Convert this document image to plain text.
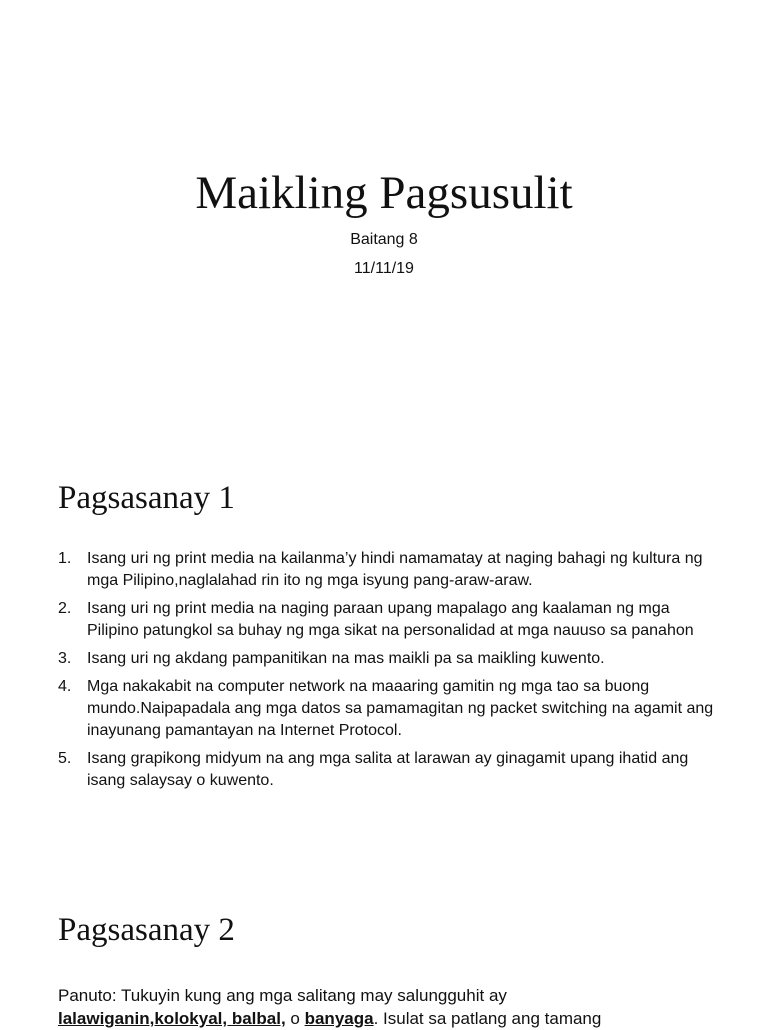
Maikling Pagsusulit
Baitang 8
11/11/19
Pagsasanay 1
1. Isang uri ng print media na kailanma’y hindi namamatay at naging bahagi ng kultura ng mga Pilipino,naglalahad rin ito ng mga isyung pang-araw-araw.
2. Isang uri ng print media na naging paraan upang mapalago ang kaalaman ng mga Pilipino patungkol sa buhay ng mga sikat na personalidad at mga nauuso sa panahon
3. Isang uri ng akdang pampanitikan na mas maikli pa sa maikling kuwento.
4. Mga nakakabit na computer network na maaaring gamitin ng mga tao sa buong mundo.Naipapadala ang mga datos sa pamamagitan ng packet switching na agamit ang inayunang pamantayan na Internet Protocol.
5. Isang grapikong midyum na ang mga salita at larawan ay ginagamit upang ihatid ang isang salaysay o kuwento.
Pagsasanay 2
Panuto: Tukuyin kung ang mga salitang may salungguhit ay
lalawiganin,kolokyal, balbal, o banyaga. Isulat sa patlang ang tamang
